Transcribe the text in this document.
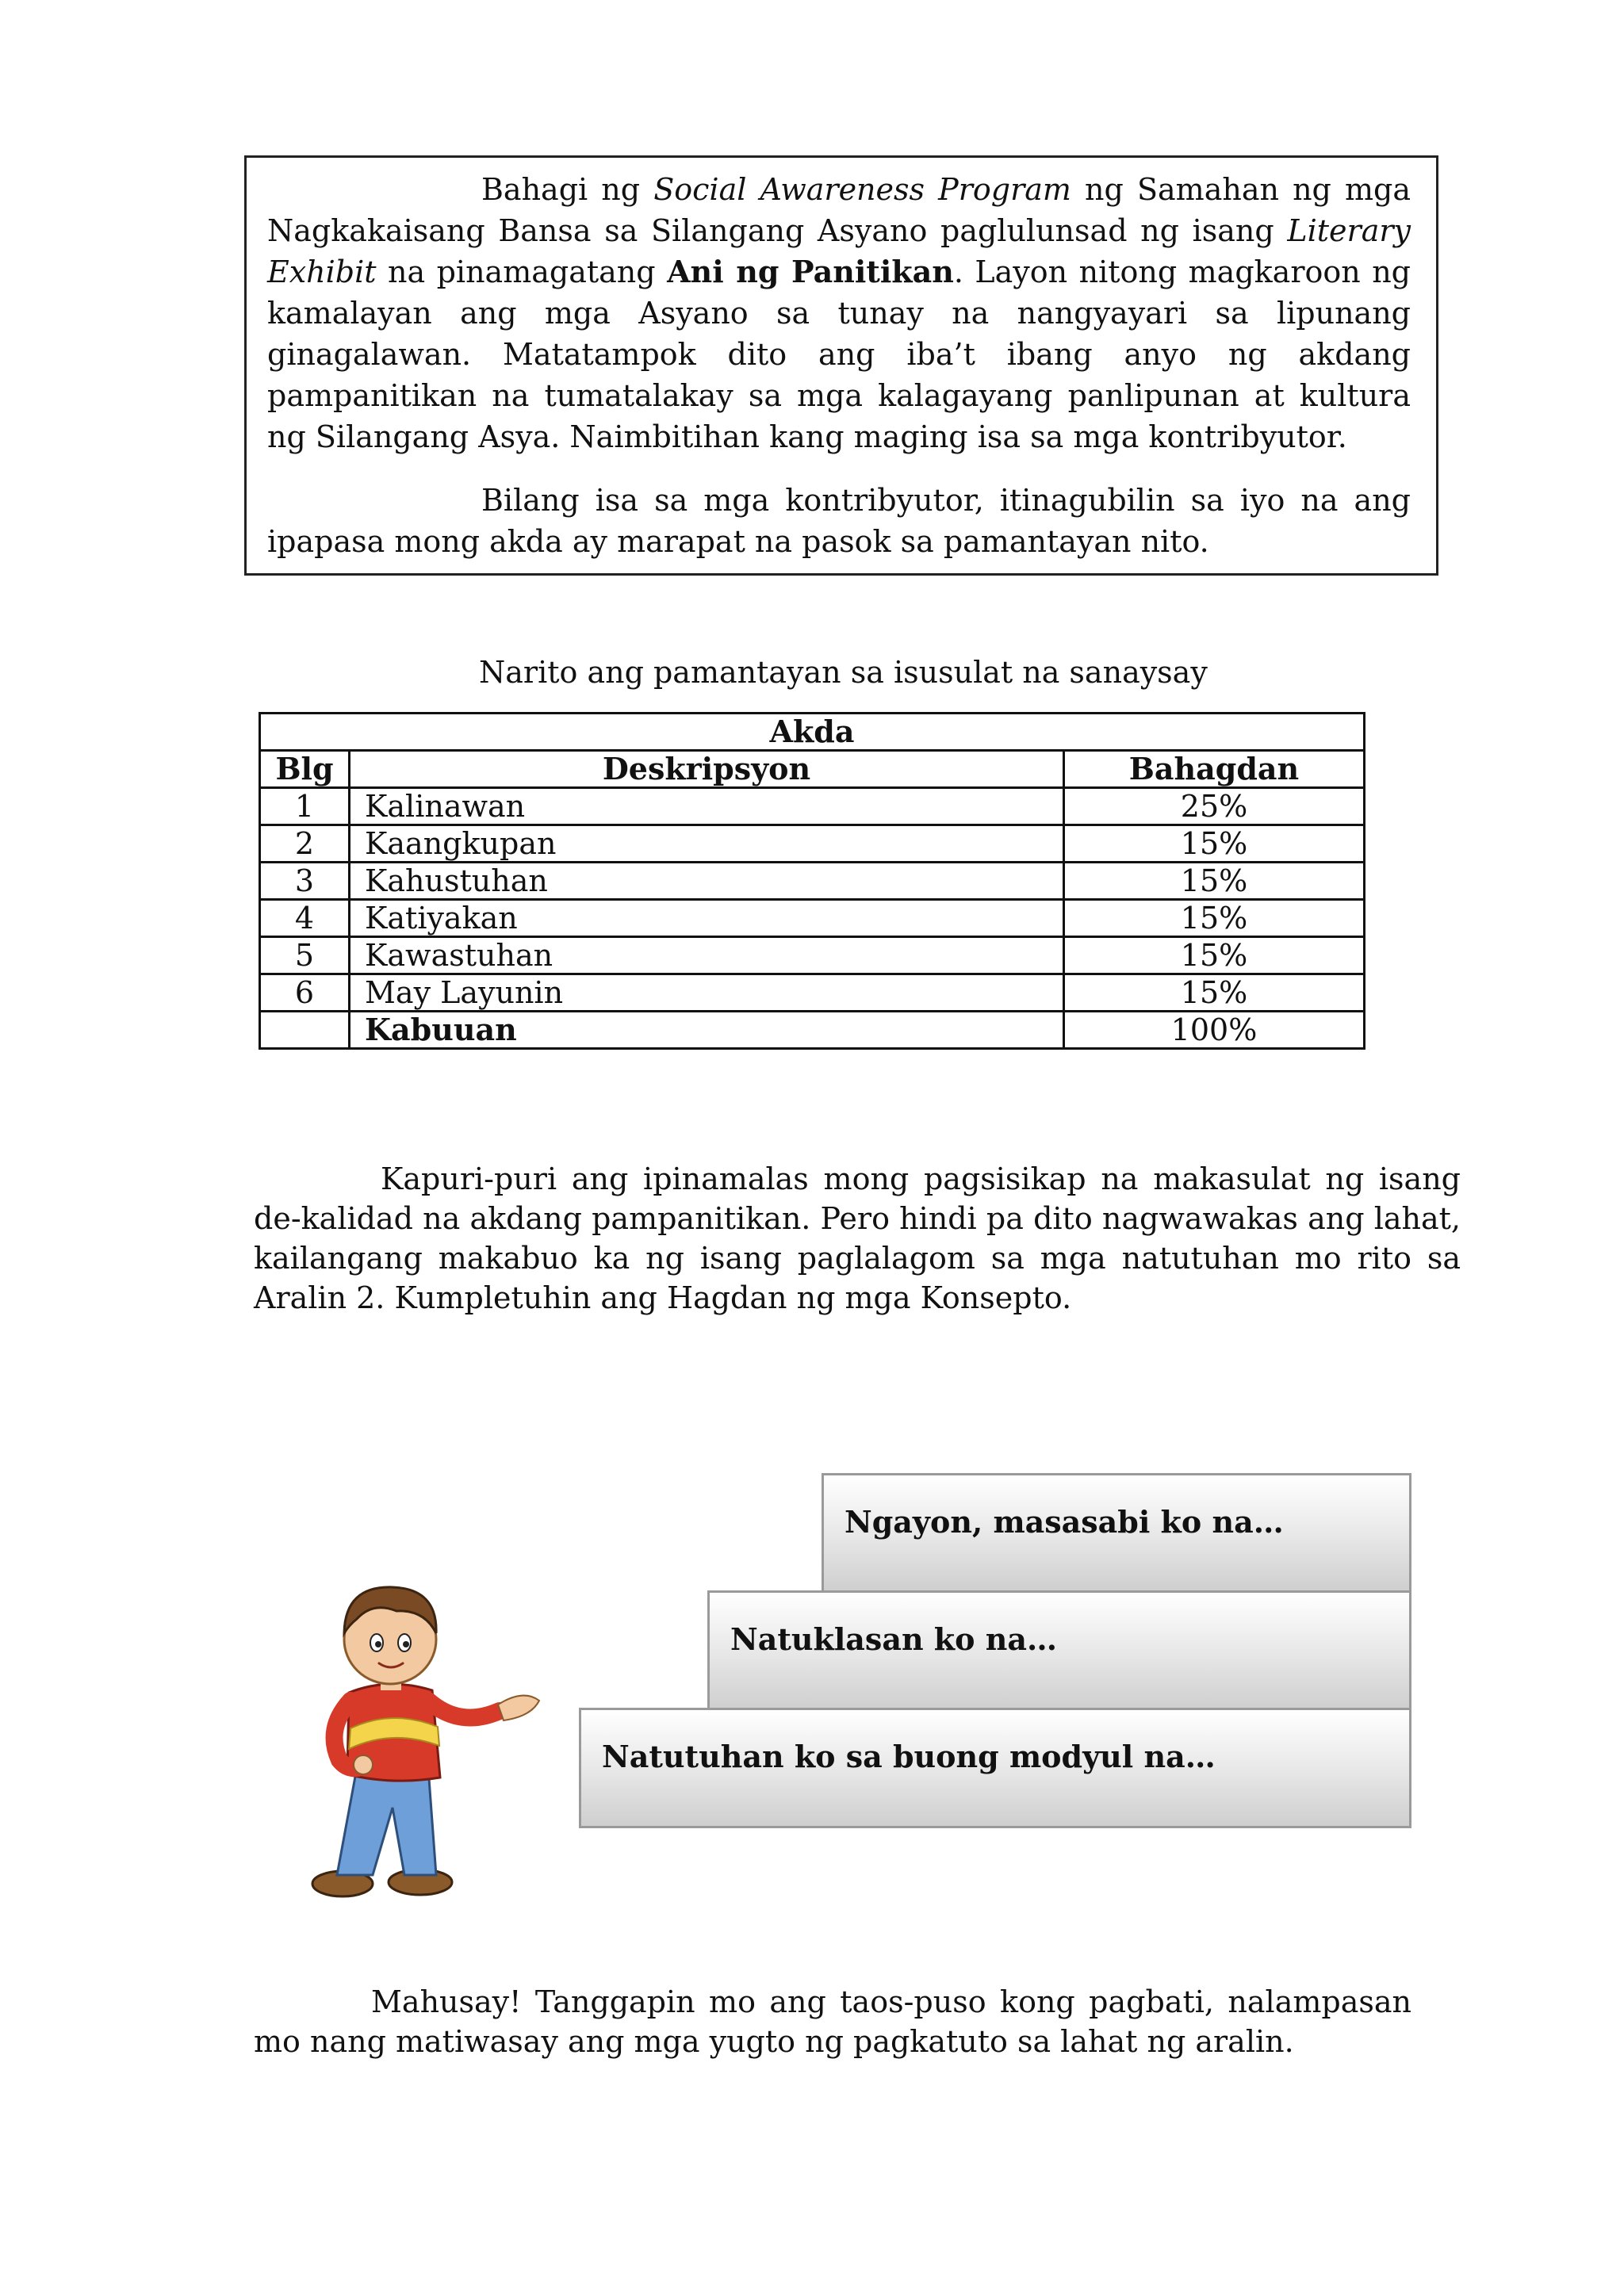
Bahagi ng Social Awareness Program ng Samahan ng mga Nagkakaisang Bansa sa Silangang Asyano paglulunsad ng isang Literary Exhibit na pinamagatang Ani ng Panitikan. Layon nitong magkaroon ng kamalayan ang mga Asyano sa tunay na nangyayari sa lipunang ginagalawan. Matatampok dito ang iba’t ibang anyo ng akdang pampanitikan na tumatalakay sa mga kalagayang panlipunan at kultura ng Silangang Asya. Naimbitihan kang maging isa sa mga kontribyutor.

Bilang isa sa mga kontribyutor, itinagubilin sa iyo na ang ipapasa mong akda ay marapat na pasok sa pamantayan nito.

Narito ang pamantayan sa isusulat na sanaysay

Akda		
Blg	Deskripsyon	Bahagdan
1	Kalinawan	25%
2	Kaangkupan	15%
3	Kahustuhan	15%
4	Katiyakan	15%
5	Kawastuhan	15%
6	May Layunin	15%
	Kabuuan	100%

Kapuri-puri ang ipinamalas mong pagsisikap na makasulat ng isang de-kalidad na akdang pampanitikan. Pero hindi pa dito nagwawakas ang lahat, kailangang makabuo ka ng isang paglalagom sa mga natutuhan mo rito sa Aralin 2. Kumpletuhin ang Hagdan ng mga Konsepto.

Ngayon, masasabi ko na…
Natuklasan ko na…
Natutuhan ko sa buong modyul na…

Mahusay! Tanggapin mo ang taos-puso kong pagbati, nalampasan mo nang matiwasay ang mga yugto ng pagkatuto sa lahat ng aralin.
